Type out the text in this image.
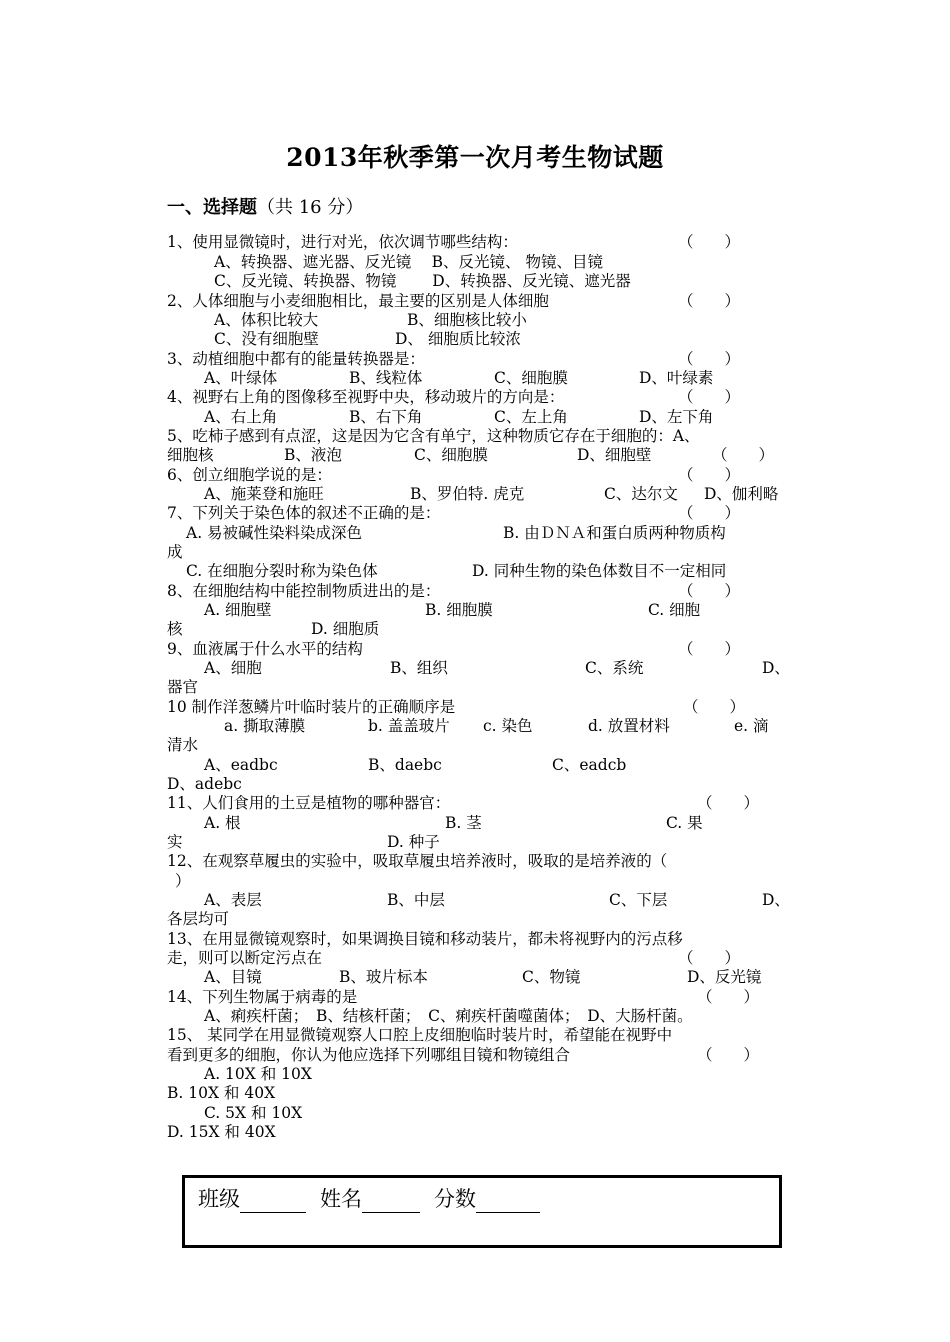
2013年秋季第一次月考生物试题
一、选择题（共 16 分）
1、使用显微镜时，进行对光，依次调节哪些结构：	（　　）
A、转换器、遮光器、反光镜　 B、反光镜、 物镜、目镜
C、反光镜、转换器、物镜　　 D、转换器、反光镜、遮光器
2、人体细胞与小麦细胞相比，最主要的区别是人体细胞	（　　）
A、体积比较大	B、细胞核比较小
C、没有细胞壁	D、 细胞质比较浓
3、动植细胞中都有的能量转换器是：	（　　）
A、叶绿体	B、线粒体	C、细胞膜	D、叶绿素
4、视野右上角的图像移至视野中央，移动玻片的方向是：	（　　）
A、右上角	B、右下角	C、左上角	D、左下角
5、吃柿子感到有点涩，这是因为它含有单宁，这种物质它存在于细胞的：A、
细胞核	B、液泡	C、细胞膜	D、细胞壁	（　　）
6、创立细胞学说的是：	（　　）
A、施莱登和施旺	B、罗伯特. 虎克	C、达尔文 D、伽利略
7、下列关于染色体的叙述不正确的是：	（　　）
A. 易被碱性染料染成深色	B. 由ＤＮＡ和蛋白质两种物质构
成
C. 在细胞分裂时称为染色体	D. 同种生物的染色体数目不一定相同
8、在细胞结构中能控制物质进出的是：	（　　）
A. 细胞壁	B. 细胞膜	C. 细胞
核	D. 细胞质
9、血液属于什么水平的结构	（　　）
A、细胞	B、组织	C、系统	D、
器官
10 制作洋葱鳞片叶临时装片的正确顺序是	（　　）
a. 撕取薄膜	b. 盖盖玻片 c. 染色	d. 放置材料	e. 滴
清水
A、eadbc	B、daebc	C、eadcb
D、adebc
11、人们食用的土豆是植物的哪种器官：	（　　）
A. 根	B. 茎	C. 果
实	D. 种子
12、在观察草履虫的实验中，吸取草履虫培养液时，吸取的是培养液的（
）
A、表层	B、中层	C、下层	D、
各层均可
13、在用显微镜观察时，如果调换目镜和移动装片，都未将视野内的污点移
走，则可以断定污点在	（　　）
A、目镜	B、玻片标本	C、物镜	D、反光镜
14、下列生物属于病毒的是	（　　）
A、痢疾杆菌；　B、结核杆菌；　C、痢疾杆菌噬菌体；　D、大肠杆菌。
15、 某同学在用显微镜观察人口腔上皮细胞临时装片时，希望能在视野中
看到更多的细胞，你认为他应选择下列哪组目镜和物镜组合	（　　）
A. 10X 和 10X
B. 10X 和 40X
C. 5X 和 10X
D. 15X 和 40X
班级	姓名	分数
